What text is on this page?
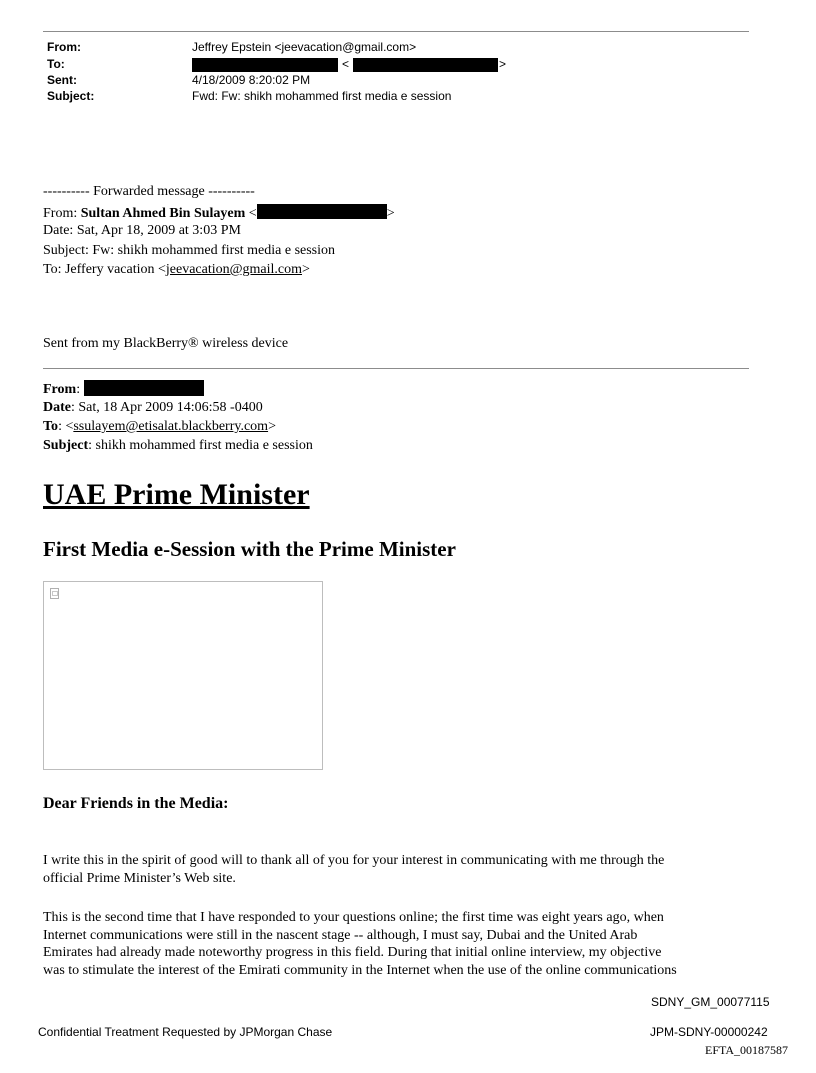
From:	Jeffrey Epstein <jeevacation@gmail.com>
To:	<	>
Sent:	4/18/2009 8:20:02 PM
Subject:	Fwd: Fw: shikh mohammed first media e session
---------- Forwarded message ----------
From: Sultan Ahmed Bin Sulayem <	>
Date: Sat, Apr 18, 2009 at 3:03 PM
Subject: Fw: shikh mohammed first media e session
To: Jeffery vacation <jeevacation@gmail.com>
Sent from my BlackBerry® wireless device
From:
Date: Sat, 18 Apr 2009 14:06:58 -0400
To: <ssulayem@etisalat.blackberry.com>
Subject: shikh mohammed first media e session
UAE Prime Minister
First Media e-Session with the Prime Minister
Dear Friends in the Media:
I write this in the spirit of good will to thank all of you for your interest in communicating with me through the
official Prime Minister’s Web site.
This is the second time that I have responded to your questions online; the first time was eight years ago, when
Internet communications were still in the nascent stage -- although, I must say, Dubai and the United Arab
Emirates had already made noteworthy progress in this field. During that initial online interview, my objective
was to stimulate the interest of the Emirati community in the Internet when the use of the online communications
SDNY_GM_00077115
Confidential Treatment Requested by JPMorgan Chase	JPM-SDNY-00000242
EFTA_00187587
